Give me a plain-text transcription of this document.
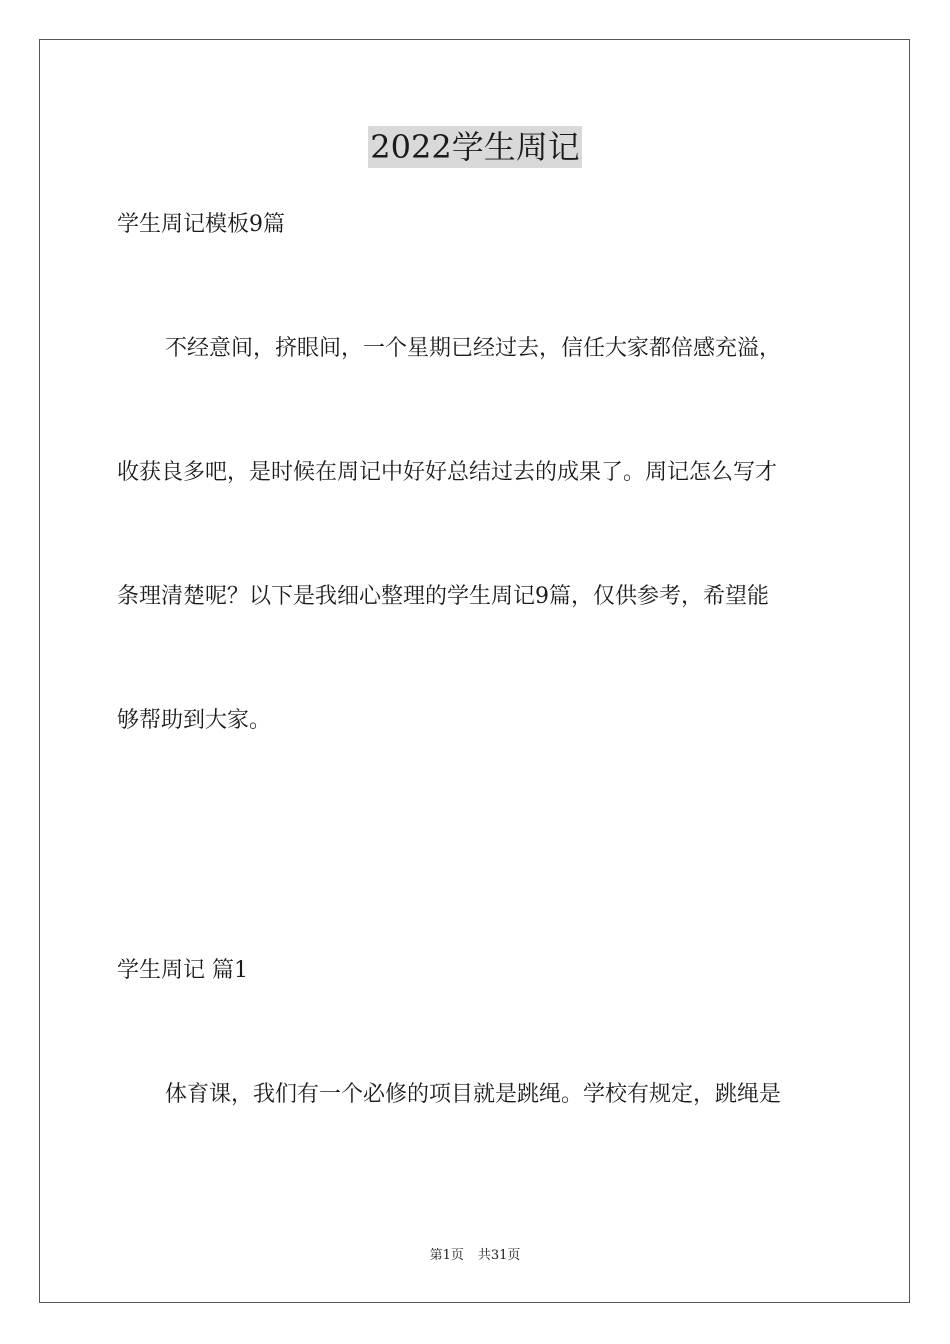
2022学生周记
学生周记模板9篇
不经意间，挤眼间，一个星期已经过去，信任大家都倍感充溢，
收获良多吧，是时候在周记中好好总结过去的成果了。周记怎么写才
条理清楚呢？以下是我细心整理的学生周记9篇，仅供参考，希望能
够帮助到大家。
学生周记 篇1
体育课，我们有一个必修的项目就是跳绳。学校有规定，跳绳是
第1页 共31页
